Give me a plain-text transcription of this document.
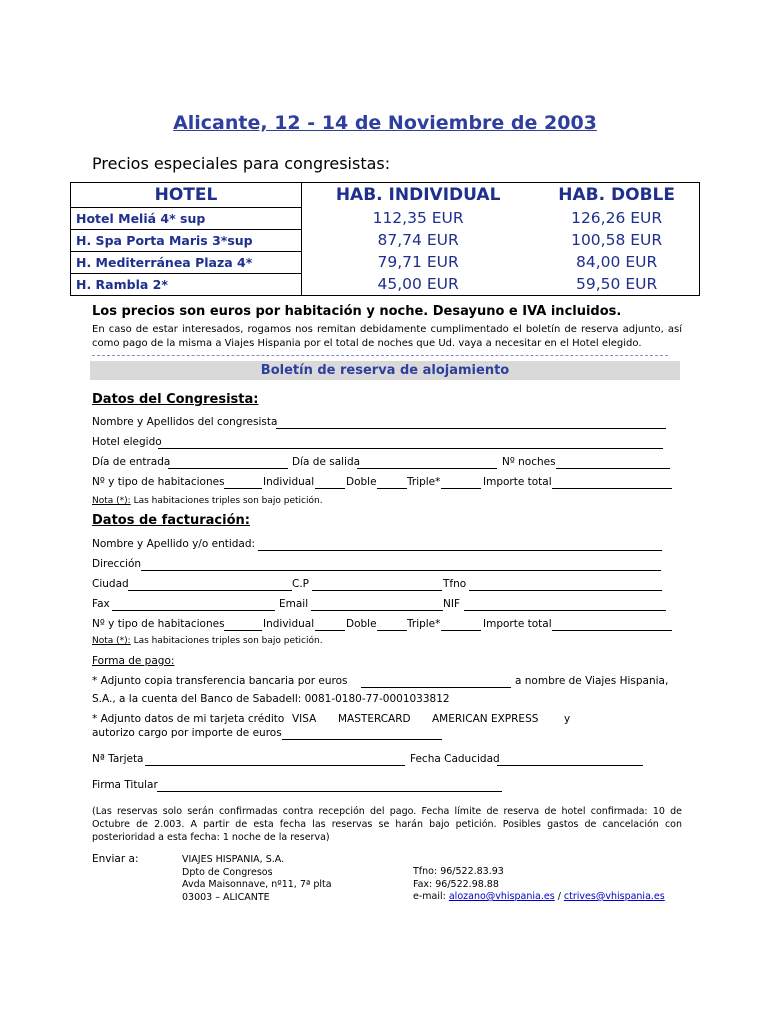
Alicante, 12 - 14 de Noviembre de 2003
Precios especiales para congresistas:
HOTEL	HAB. INDIVIDUAL	HAB. DOBLE
Hotel Meliá 4* sup	112,35 EUR	126,26 EUR
H. Spa Porta Maris 3*sup	87,74 EUR	100,58 EUR
H. Mediterránea Plaza 4*	79,71 EUR	84,00 EUR
H. Rambla 2*	45,00 EUR	59,50 EUR
Los precios son euros por habitación y noche. Desayuno e IVA incluidos.
En caso de estar interesados, rogamos nos remitan debidamente cumplimentado el boletín de reserva adjunto, así como pago de la misma a Viajes Hispania por el total de noches que Ud. vaya a necesitar en el Hotel elegido.
Boletín de reserva de alojamiento
Datos del Congresista:
Nombre y Apellidos del congresista
Hotel elegido
Día de entrada	Día de salida	Nº noches
Nº y tipo de habitaciones	Individual	Doble	Triple*	Importe total
Nota (*): Las habitaciones triples son bajo petición.
Datos de facturación:
Nombre y Apellido y/o entidad:
Dirección
Ciudad	C.P	Tfno
Fax	Email	NIF
Nº y tipo de habitaciones	Individual	Doble	Triple*	Importe total
Nota (*): Las habitaciones triples son bajo petición.
Forma de pago:
* Adjunto copia transferencia bancaria por euros	a nombre de Viajes Hispania,
S.A., a la cuenta del Banco de Sabadell: 0081-0180-77-0001033812
* Adjunto datos de mi tarjeta crédito VISA MASTERCARD AMERICAN EXPRESS y
autorizo cargo por importe de euros
Nª Tarjeta	Fecha Caducidad
Firma Titular
(Las reservas solo serán confirmadas contra recepción del pago. Fecha límite de reserva de hotel confirmada: 10 de Octubre de 2.003. A partir de esta fecha las reservas se harán bajo petición. Posibles gastos de cancelación con posterioridad a esta fecha: 1 noche de la reserva)
Enviar a:	VIAJES HISPANIA, S.A.
Dpto de Congresos
Avda Maisonnave, nº11, 7ª plta
03003 – ALICANTE
Tfno: 96/522.83.93
Fax: 96/522.98.88
e-mail: alozano@vhispania.es / ctrives@vhispania.es
